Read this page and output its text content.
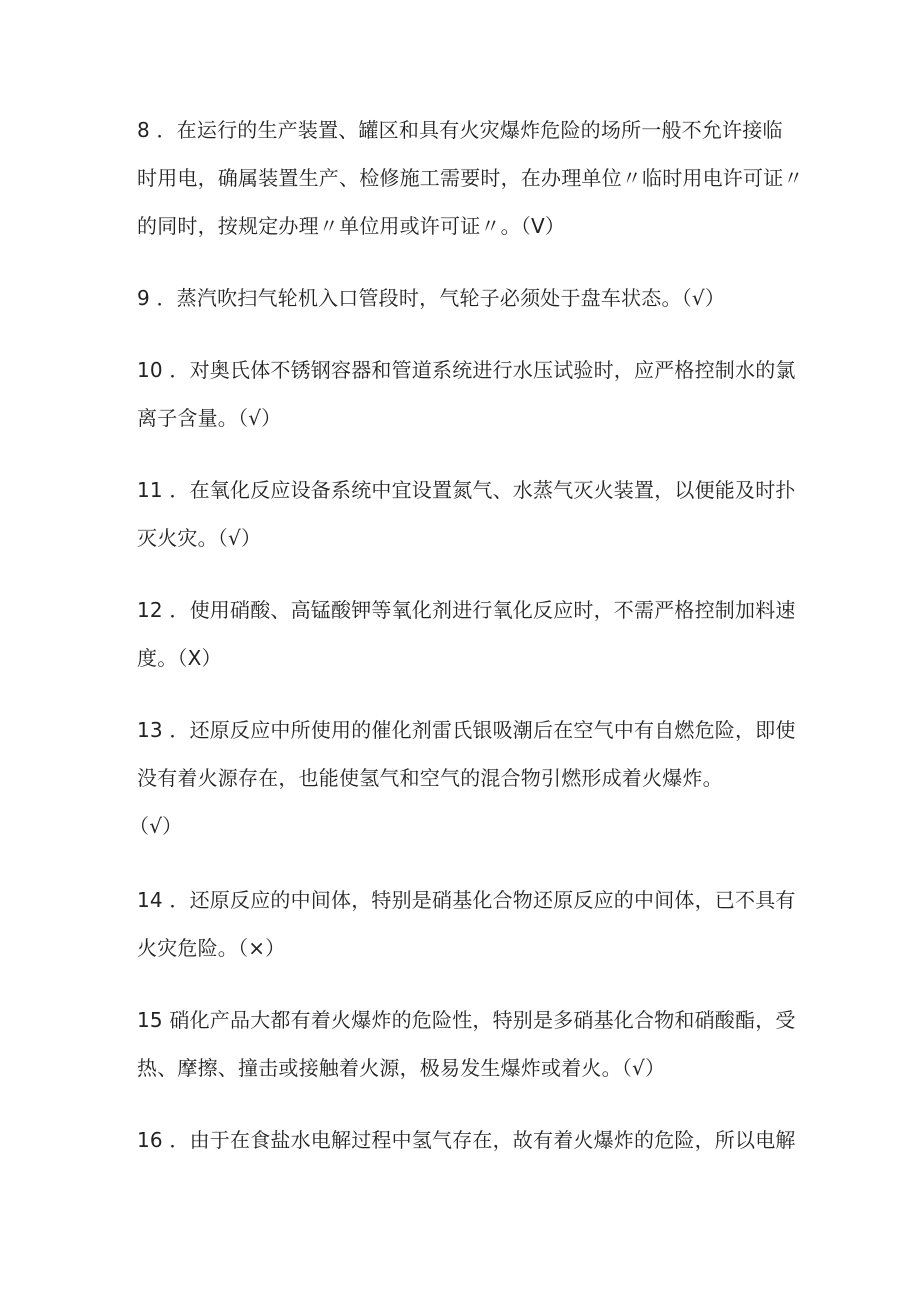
8 ．在运行的生产装置、罐区和具有火灾爆炸危险的场所一般不允许接临
时用电，确属装置生产、检修施工需要时，在办理单位〃临时用电许可证〃
的同时，按规定办理〃单位用或许可证〃。（V）

9 ．蒸汽吹扫气轮机入口管段时，气轮子必须处于盘车状态。（√）

10 ．对奥氏体不锈钢容器和管道系统进行水压试验时，应严格控制水的氯
离子含量。（√）

11 ．在氧化反应设备系统中宜设置氮气、水蒸气灭火装置，以便能及时扑
灭火灾。（√）

12 ．使用硝酸、高锰酸钾等氧化剂进行氧化反应时，不需严格控制加料速
度。（X）

13 ．还原反应中所使用的催化剂雷氏银吸潮后在空气中有自燃危险，即使
没有着火源存在，也能使氢气和空气的混合物引燃形成着火爆炸。
（√）

14 ．还原反应的中间体，特别是硝基化合物还原反应的中间体，已不具有
火灾危险。（×）

15 硝化产品大都有着火爆炸的危险性，特别是多硝基化合物和硝酸酯，受
热、摩擦、撞击或接触着火源，极易发生爆炸或着火。（√）

16 ．由于在食盐水电解过程中氢气存在，故有着火爆炸的危险，所以电解
